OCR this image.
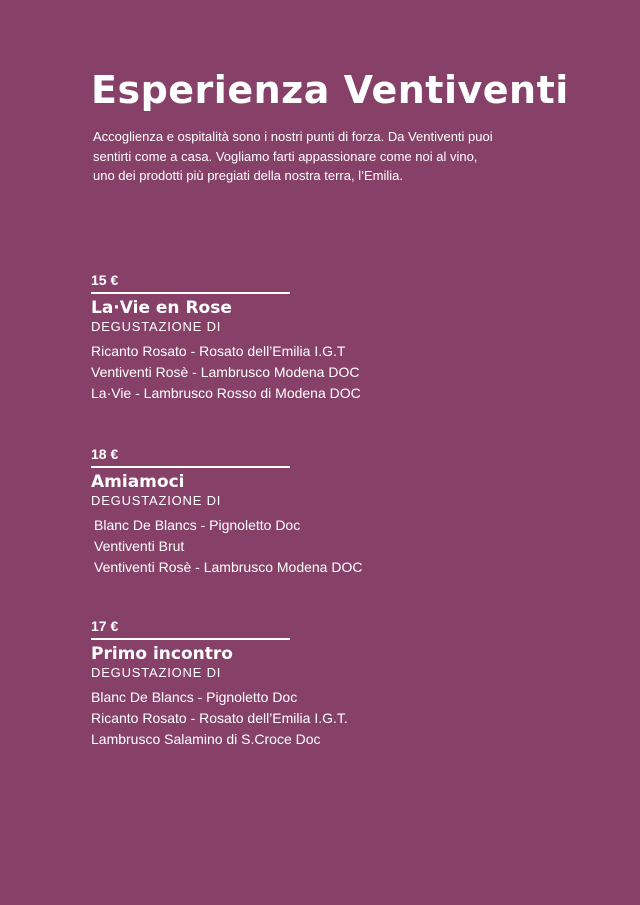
Esperienza Ventiventi

Accoglienza e ospitalità sono i nostri punti di forza. Da Ventiventi puoi
sentirti come a casa. Vogliamo farti appassionare come noi al vino,
uno dei prodotti più pregiati della nostra terra, l’Emilia.

15 €

La·Vie en Rose

DEGUSTAZIONE DI

Ricanto Rosato - Rosato dell’Emilia I.G.T
Ventiventi Rosè - Lambrusco Modena DOC
La·Vie - Lambrusco Rosso di Modena DOC

18 €

Amiamoci

DEGUSTAZIONE DI

Blanc De Blancs - Pignoletto Doc
Ventiventi Brut
Ventiventi Rosè - Lambrusco Modena DOC

17 €

Primo incontro

DEGUSTAZIONE DI

Blanc De Blancs - Pignoletto Doc
Ricanto Rosato - Rosato dell’Emilia I.G.T.
Lambrusco Salamino di S.Croce Doc
